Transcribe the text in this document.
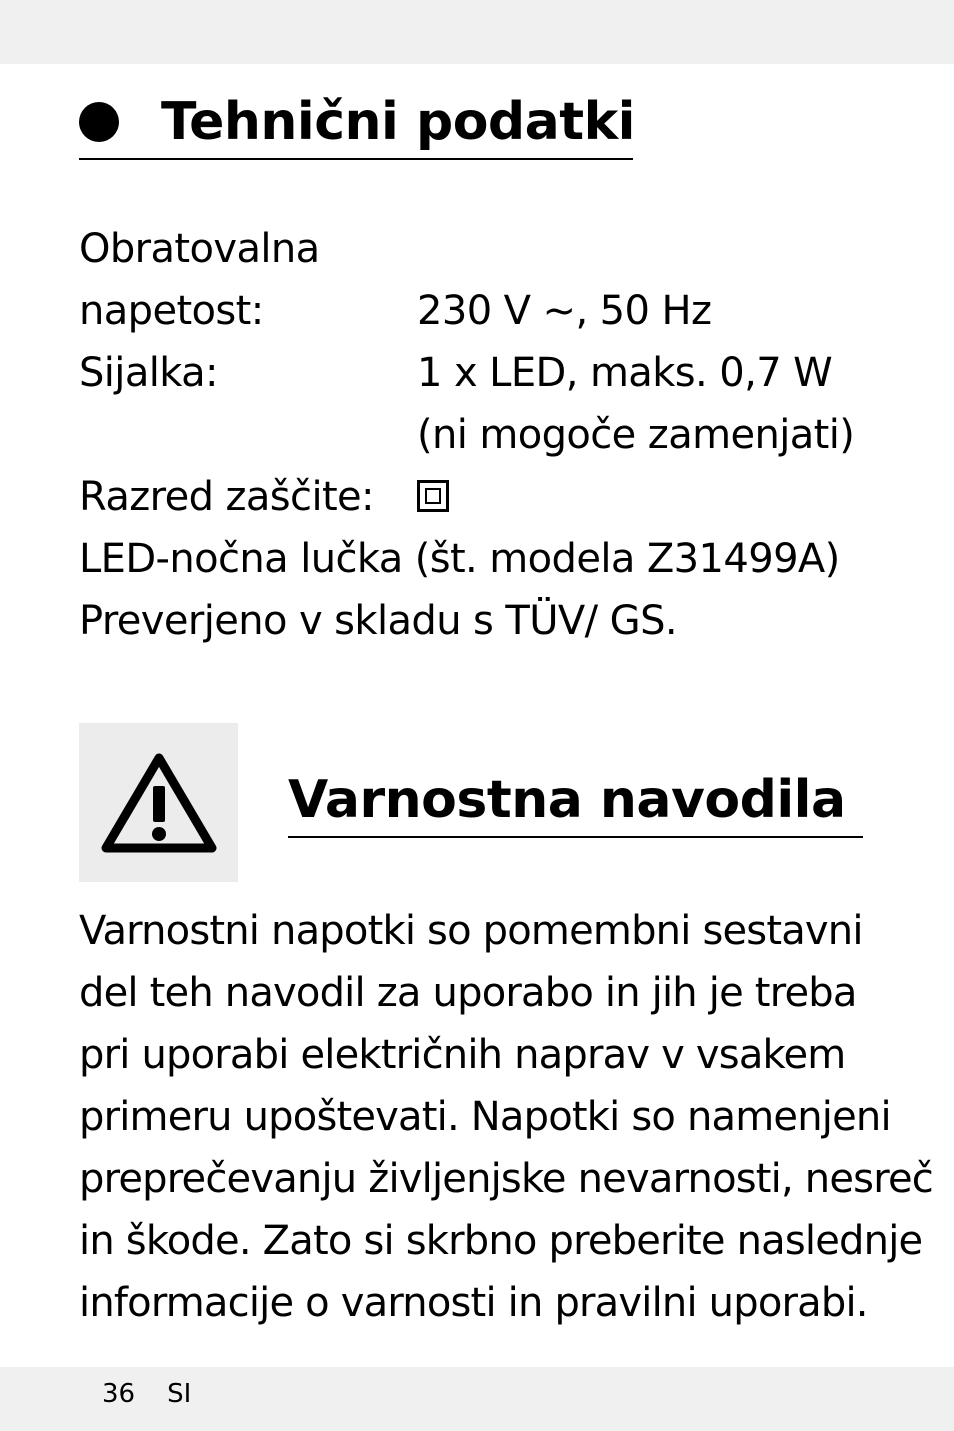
Tehnični podatki
Obratovalna
napetost:	230 V ~, 50 Hz
Sijalka:	1 x LED, maks. 0,7 W
(ni mogoče zamenjati)
Razred zaščite:
LED-nočna lučka (št. modela Z31499A)
Preverjeno v skladu s TÜV/ GS.
Varnostna navodila
Varnostni napotki so pomembni sestavni
del teh navodil za uporabo in jih je treba
pri uporabi električnih naprav v vsakem
primeru upoštevati. Napotki so namenjeni
preprečevanju življenjske nevarnosti, nesreč
in škode. Zato si skrbno preberite naslednje
informacije o varnosti in pravilni uporabi.
36 SI
